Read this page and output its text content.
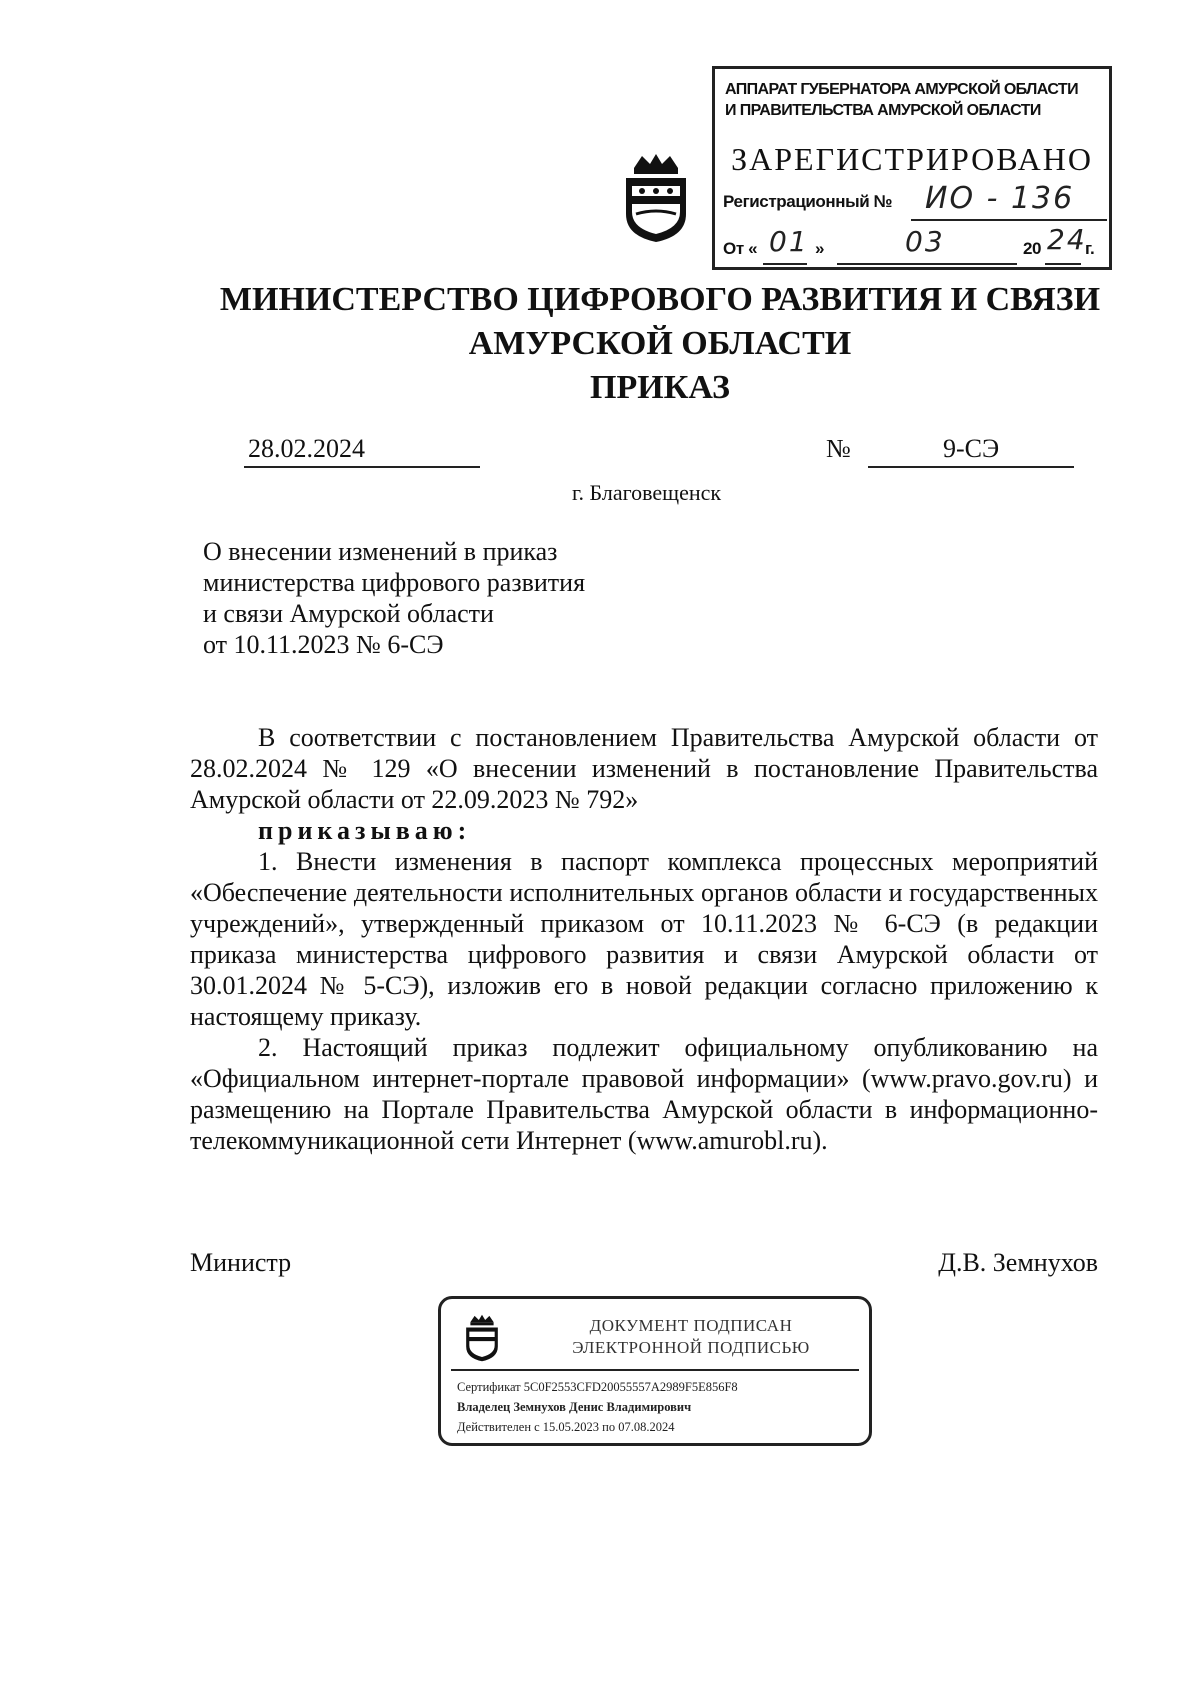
АППАРАТ ГУБЕРНАТОРА АМУРСКОЙ ОБЛАСТИ
И ПРАВИТЕЛЬСТВА АМУРСКОЙ ОБЛАСТИ
ЗАРЕГИСТРИРОВАНО
Регистрационный № ИО - 136
От « 01 »	03	20 24
г.
МИНИСТЕРСТВО ЦИФРОВОГО РАЗВИТИЯ И СВЯЗИ
АМУРСКОЙ ОБЛАСТИ
ПРИКАЗ
28.02.2024	№	9-СЭ
г. Благовещенск
О внесении изменений в приказ
министерства цифрового развития
и связи Амурской области
от 10.11.2023 № 6-СЭ

В соответствии с постановлением Правительства Амурской области от 28.02.2024 № 129 «О внесении изменений в постановление Правительства Амурской области от 22.09.2023 № 792»

приказываю:

1. Внести изменения в паспорт комплекса процессных мероприятий «Обеспечение деятельности исполнительных органов области и государственных учреждений», утвержденный приказом от 10.11.2023 № 6-СЭ (в редакции приказа министерства цифрового развития и связи Амурской области от 30.01.2024 № 5-СЭ), изложив его в новой редакции согласно приложению к настоящему приказу.

2. Настоящий приказ подлежит официальному опубликованию на «Официальном интернет-портале правовой информации» (www.pravo.gov.ru) и размещению на Портале Правительства Амурской области в информационно-телекоммуникационной сети Интернет (www.amurobl.ru).

Министр	Д.В. Земнухов
ДОКУМЕНТ ПОДПИСАН
ЭЛЕКТРОННОЙ ПОДПИСЬЮ
Сертификат 5C0F2553CFD20055557A2989F5E856F8
Владелец Земнухов Денис Владимирович
Действителен с 15.05.2023 по 07.08.2024
